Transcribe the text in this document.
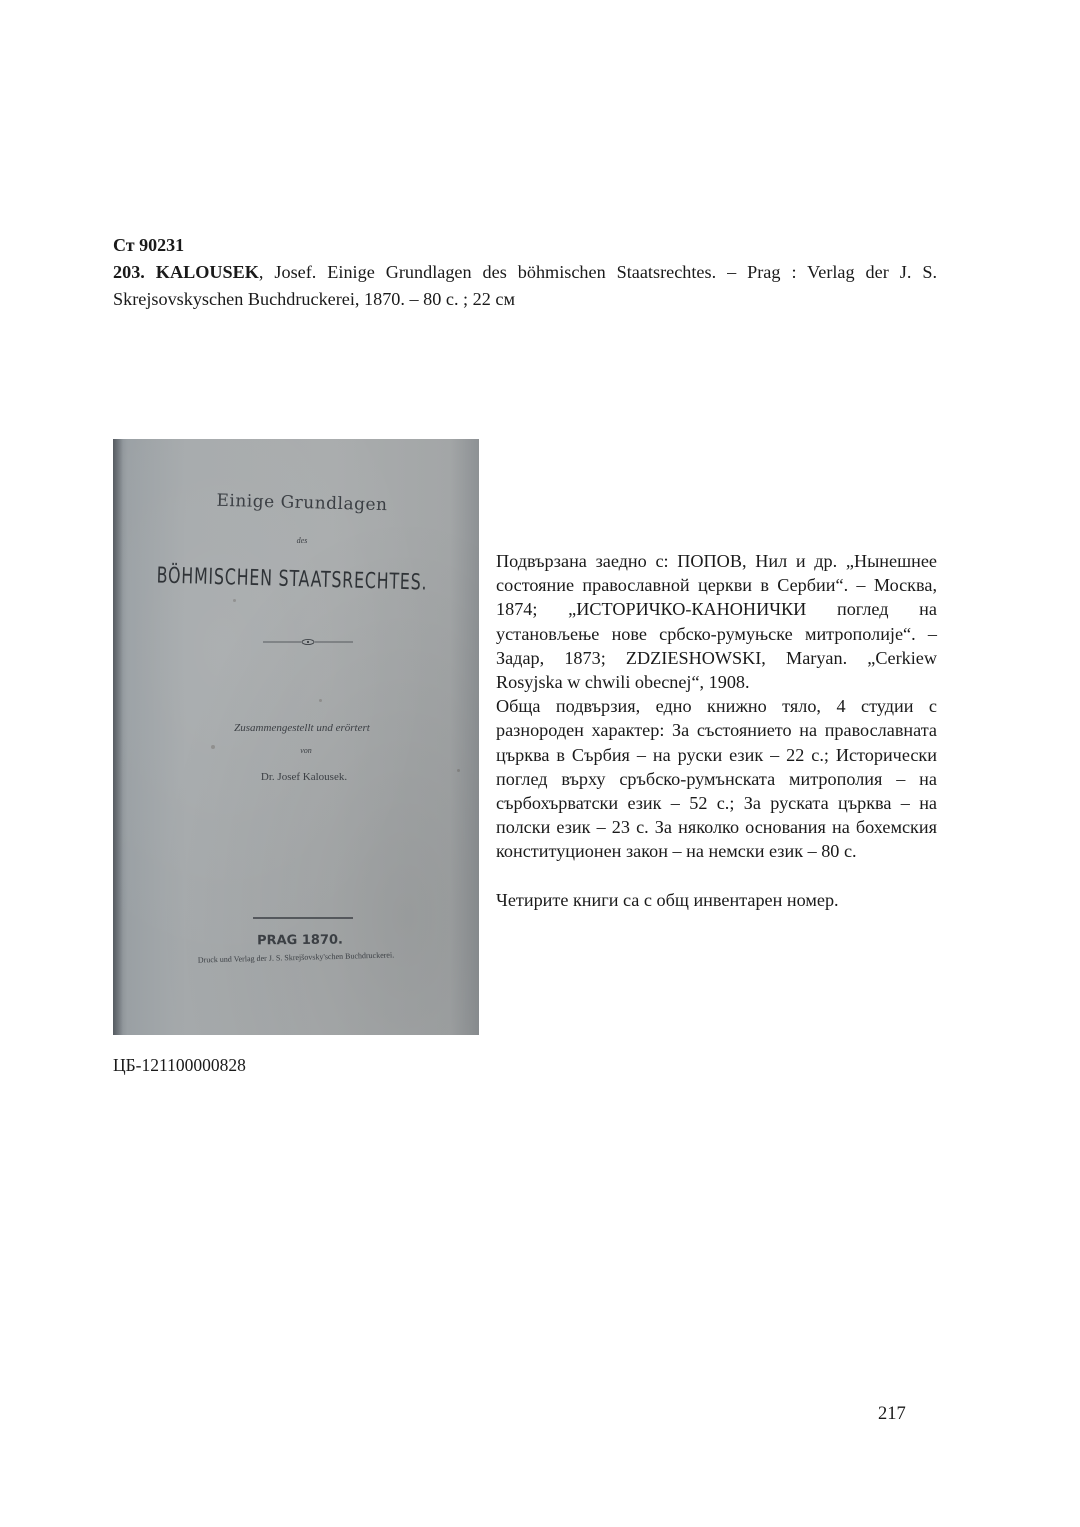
Ст 90231
203. KALOUSEK, Josef. Einige Grundlagen des böhmischen Staatsrechtes. – Prag : Verlag der J. S. Skrejsovskyschen Buchdruckerei, 1870. – 80 с. ; 22 см
Einige Grundlagen
des
BÖHMISCHEN STAATSRECHTES.
Zusammengestellt und erörtert
von
Dr. Josef Kalousek.
PRAG 1870.
Druck und Verlag der J. S. Skrejšovsky'schen Buchdruckerei.

Подвързана заедно с: ПОПОВ, Нил и др. „Нынешнее состояние православной церкви в Сербии“. – Москва, 1874; „ИСТОРИЧКО-КАНОНИЧКИ поглед на установљење нове србско-румуњске митрополије“. – Задар, 1873; ZDZIESHOWSKI, Maryan. „Cerkiew Rosyjska w chwili obecnej“, 1908.

Обща подвързия, едно книжно тяло, 4 студии с разнороден характер: За състоянието на православната църква в Сърбия – на руски език – 22 с.; Исторически поглед върху сръбско-румънската митрополия – на сърбохърватски език – 52 с.; За руската църква – на полски език – 23 с. За няколко основания на бохемския конституционен закон – на немски език – 80 с.

Четирите книги са с общ инвентарен номер.

ЦБ-121100000828
217
